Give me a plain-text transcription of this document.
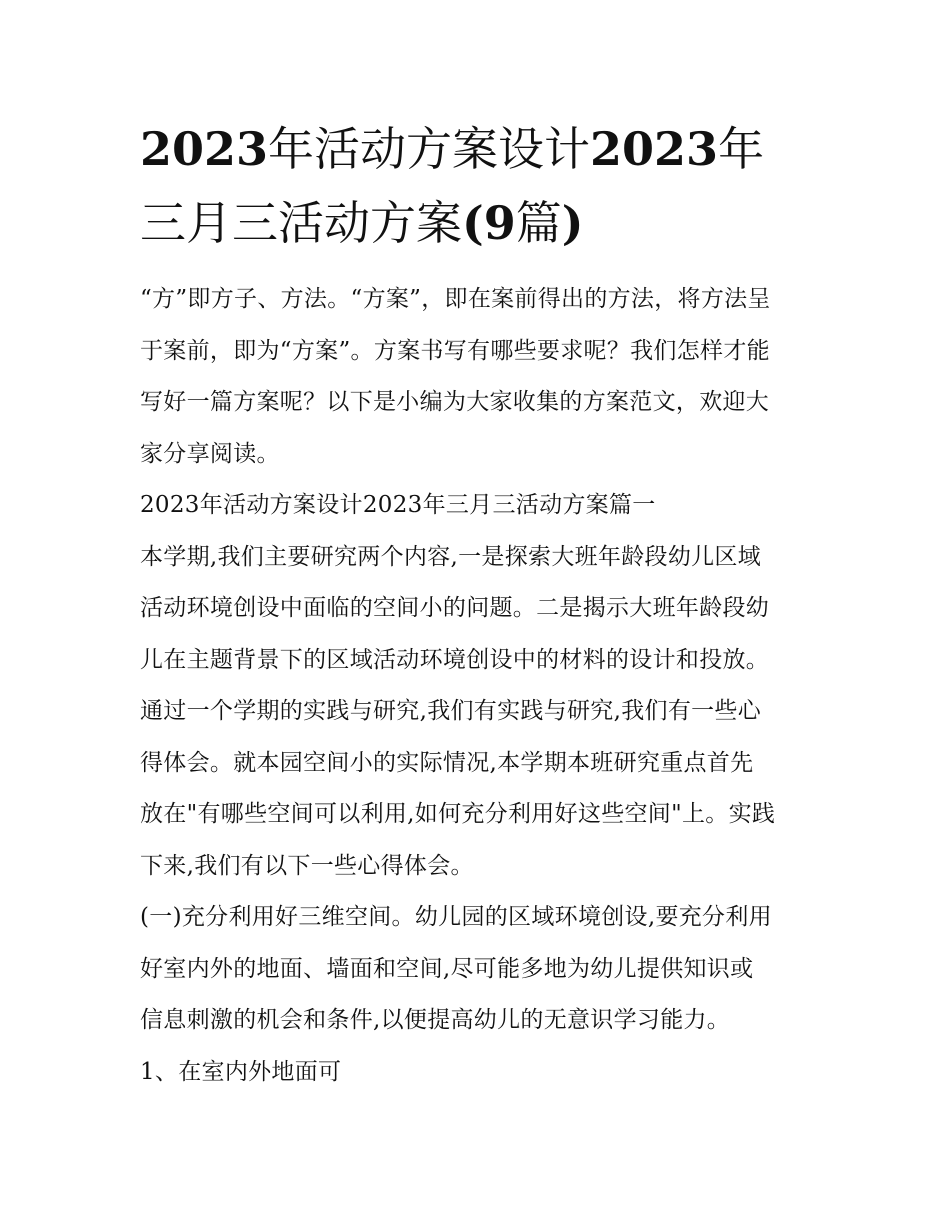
2023年活动方案设计2023年
三月三活动方案(9篇)

“方”即方子、方法。“方案”，即在案前得出的方法，将方法呈
于案前，即为“方案”。方案书写有哪些要求呢？我们怎样才能
写好一篇方案呢？以下是小编为大家收集的方案范文，欢迎大
家分享阅读。

2023年活动方案设计2023年三月三活动方案篇一

本学期,我们主要研究两个内容,一是探索大班年龄段幼儿区域
活动环境创设中面临的空间小的问题。二是揭示大班年龄段幼
儿在主题背景下的区域活动环境创设中的材料的设计和投放。
通过一个学期的实践与研究,我们有实践与研究,我们有一些心
得体会。就本园空间小的实际情况,本学期本班研究重点首先
放在"有哪些空间可以利用,如何充分利用好这些空间"上。实践
下来,我们有以下一些心得体会。

(一)充分利用好三维空间。幼儿园的区域环境创设,要充分利用
好室内外的地面、墙面和空间,尽可能多地为幼儿提供知识或
信息刺激的机会和条件,以便提高幼儿的无意识学习能力。

1、在室内外地面可
